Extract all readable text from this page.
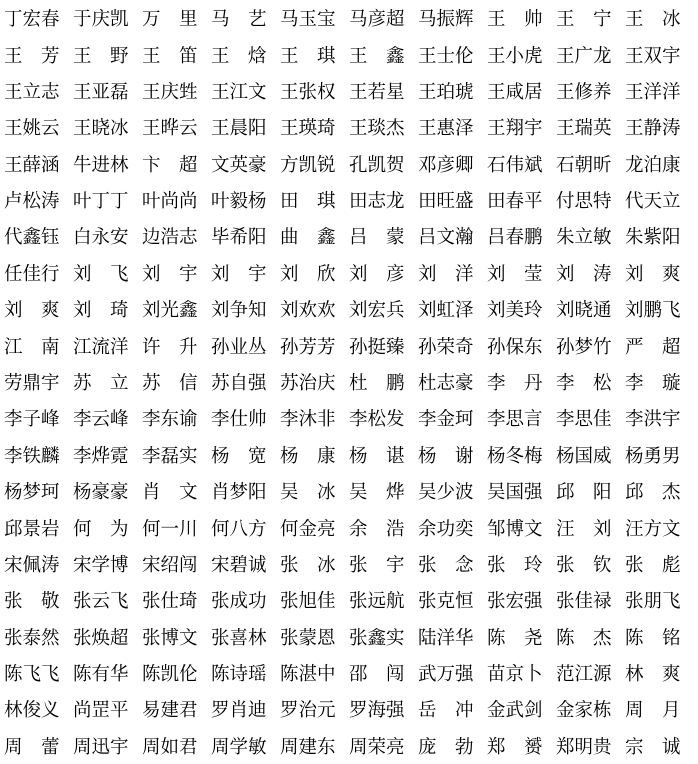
丁宏春 于庆凯 万　里 马　艺 马玉宝 马彦超 马振辉 王　帅 王　宁 王　冰
王　芳 王　野 王　笛 王　焓 王　琪 王　鑫 王士伦 王小虎 王广龙 王双宇
王立志 王亚磊 王庆甡 王江文 王张权 王若星 王珀琥 王咸居 王修养 王洋洋
王姚云 王晓冰 王晔云 王晨阳 王瑛琦 王琰杰 王惠泽 王翔宇 王瑞英 王静涛
王薛涵 牛进林 卞　超 文英豪 方凯锐 孔凯贺 邓彦卿 石伟斌 石朝昕 龙泊康
卢松涛 叶丁丁 叶尚尚 叶毅杨 田　琪 田志龙 田旺盛 田春平 付思特 代天立
代鑫钰 白永安 边浩志 毕希阳 曲　鑫 吕　蒙 吕文瀚 吕春鹏 朱立敏 朱紫阳
任佳行 刘　飞 刘　宇 刘　宇 刘　欣 刘　彦 刘　洋 刘　莹 刘　涛 刘　爽
刘　爽 刘　琦 刘光鑫 刘争知 刘欢欢 刘宏兵 刘虹泽 刘美玲 刘晓通 刘鹏飞
江　南 江流洋 许　升 孙业丛 孙芳芳 孙挺臻 孙荣奇 孙保东 孙梦竹 严　超
劳鼎宇 苏　立 苏　信 苏自强 苏治庆 杜　鹏 杜志豪 李　丹 李　松 李　璇
李子峰 李云峰 李东谕 李仕帅 李沐非 李松发 李金珂 李思言 李思佳 李洪宇
李铁麟 李烨霓 李磊实 杨　宽 杨　康 杨　谌 杨　谢 杨冬梅 杨国威 杨勇男
杨梦珂 杨豪豪 肖　文 肖梦阳 吴　冰 吴　烨 吴少波 吴国强 邱　阳 邱　杰
邱景岩 何　为 何一川 何八方 何金亮 余　浩 余功奕 邹博文 汪　刘 汪方文
宋佩涛 宋学博 宋绍闯 宋碧诚 张　冰 张　宇 张　念 张　玲 张　钦 张　彪
张　敬 张云飞 张仕琦 张成功 张旭佳 张远航 张克恒 张宏强 张佳禄 张朋飞
张泰然 张焕超 张博文 张喜林 张蒙恩 张鑫实 陆洋华 陈　尧 陈　杰 陈　铭
陈飞飞 陈有华 陈凯伦 陈诗瑶 陈湛中 邵　闯 武万强 苗京卜 范江源 林　爽
林俊义 尚罡平 易建君 罗肖迪 罗治元 罗海强 岳　冲 金武剑 金家栋 周　月
周　蕾 周迅宇 周如君 周学敏 周建东 周荣亮 庞　勃 郑　赟 郑明贵 宗　诚
